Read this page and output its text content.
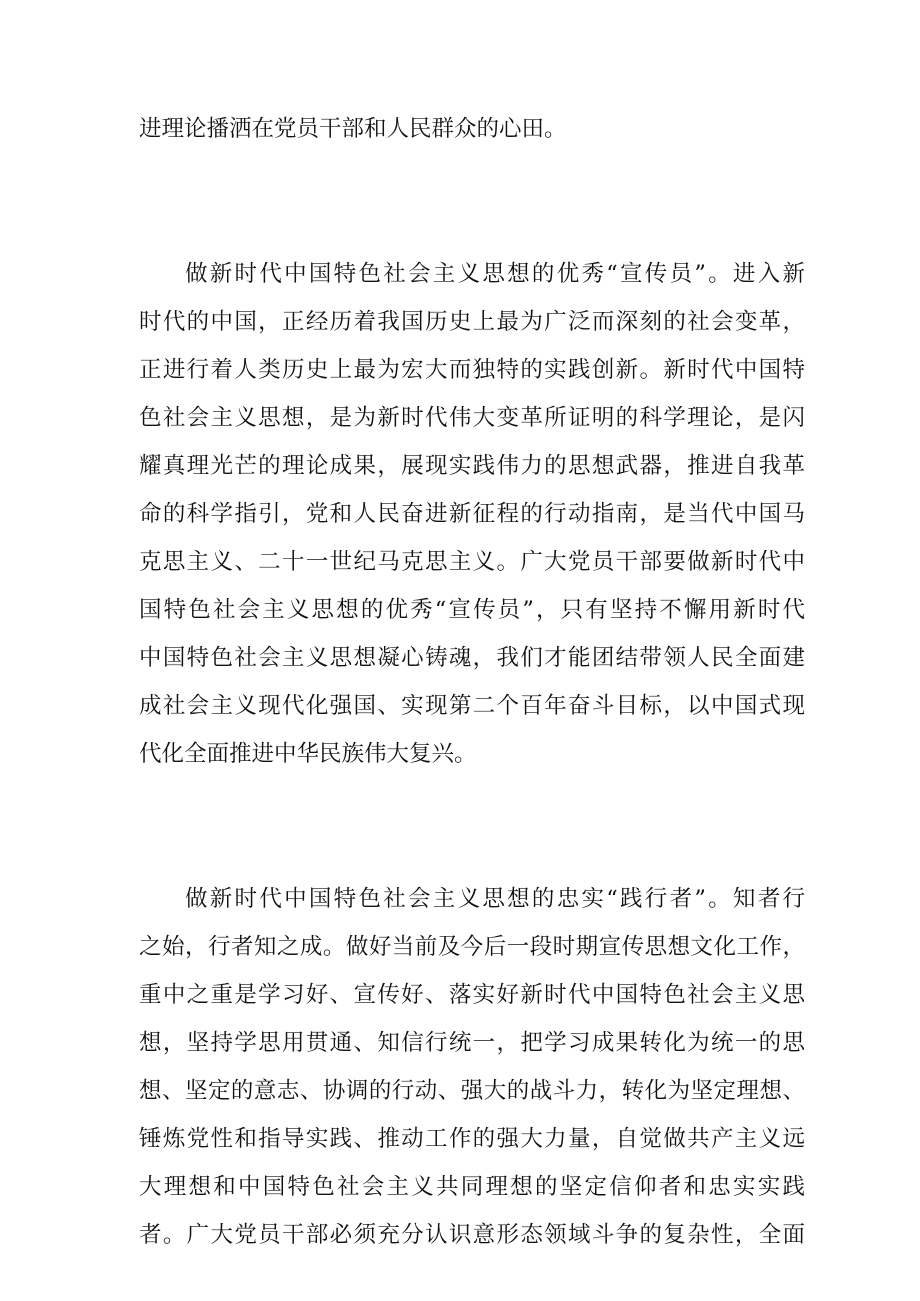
进理论播洒在党员干部和人民群众的心田。

做新时代中国特色社会主义思想的优秀“宣传员”。进入新
时代的中国，正经历着我国历史上最为广泛而深刻的社会变革，
正进行着人类历史上最为宏大而独特的实践创新。新时代中国特
色社会主义思想，是为新时代伟大变革所证明的科学理论，是闪
耀真理光芒的理论成果，展现实践伟力的思想武器，推进自我革
命的科学指引，党和人民奋进新征程的行动指南，是当代中国马
克思主义、二十一世纪马克思主义。广大党员干部要做新时代中
国特色社会主义思想的优秀“宣传员”，只有坚持不懈用新时代
中国特色社会主义思想凝心铸魂，我们才能团结带领人民全面建
成社会主义现代化强国、实现第二个百年奋斗目标，以中国式现
代化全面推进中华民族伟大复兴。

做新时代中国特色社会主义思想的忠实“践行者”。知者行
之始，行者知之成。做好当前及今后一段时期宣传思想文化工作，
重中之重是学习好、宣传好、落实好新时代中国特色社会主义思
想，坚持学思用贯通、知信行统一，把学习成果转化为统一的思
想、坚定的意志、协调的行动、强大的战斗力，转化为坚定理想、
锤炼党性和指导实践、推动工作的强大力量，自觉做共产主义远
大理想和中国特色社会主义共同理想的坚定信仰者和忠实实践
者。广大党员干部必须充分认识意形态领域斗争的复杂性，全面
